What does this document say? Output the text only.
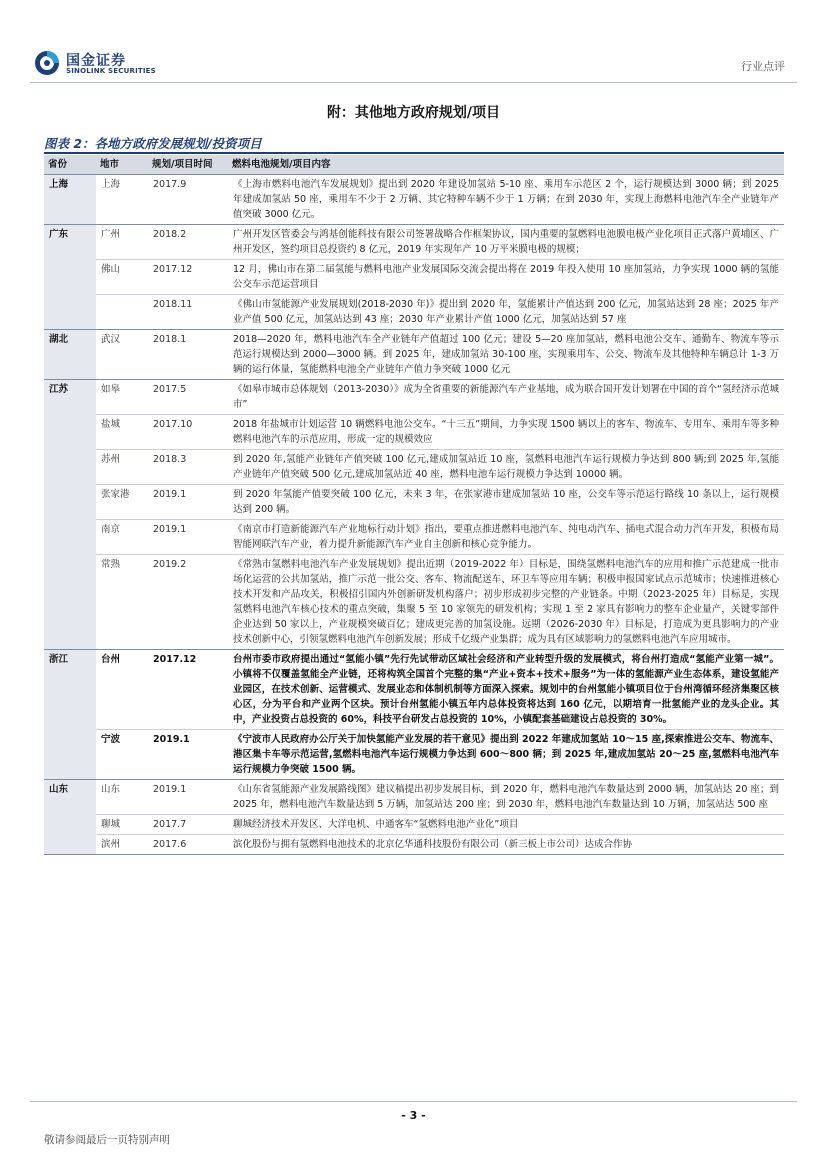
国金证券
SINOLINK SECURITIES	行业点评
附：其他地方政府规划/项目
图表 2：各地方政府发展规划/投资项目
省份	地市	规划/项目时间	燃料电池规划/项目内容
上海	上海	2017.9	《上海市燃料电池汽车发展规划》提出到 2020 年建设加氢站 5-10 座、乘用车示范区 2 个，运行规模达到 3000 辆；到 2025 年建成加氢站 50 座，乘用车不少于 2 万辆、其它特种车辆不少于 1 万辆；在到 2030 年，实现上海燃料电池汽车全产业链年产值突破 3000 亿元。
广东	广州	2018.2	广州开发区管委会与鸿基创能科技有限公司签署战略合作框架协议，国内重要的氢燃料电池膜电极产业化项目正式落户黄埔区、广州开发区，签约项目总投资约 8 亿元，2019 年实现年产 10 万平米膜电极的规模；
	佛山	2017.12	12 月，佛山市在第二届氢能与燃料电池产业发展国际交流会提出将在 2019 年投入使用 10 座加氢站，力争实现 1000 辆的氢能公交车示范运营项目
		2018.11	《佛山市氢能源产业发展规划(2018-2030 年)》提出到 2020 年，氢能累计产值达到 200 亿元，加氢站达到 28 座；2025 年产业产值 500 亿元，加氢站达到 43 座；2030 年产业累计产值 1000 亿元，加氢站达到 57 座
湖北	武汉	2018.1	2018—2020 年，燃料电池汽车全产业链年产值超过 100 亿元；建设 5—20 座加氢站，燃料电池公交车、通勤车、物流车等示范运行规模达到 2000—3000 辆。到 2025 年，建成加氢站 30-100 座，实现乘用车、公交、物流车及其他特种车辆总计 1-3 万辆的运行体量，氢能燃料电池全产业链年产值力争突破 1000 亿元
江苏	如皋	2017.5	《如皋市城市总体规划（2013-2030）》成为全省重要的新能源汽车产业基地，成为联合国开发计划署在中国的首个“氢经济示范城市”
	盐城	2017.10	2018 年盐城市计划运营 10 辆燃料电池公交车。“十三五”期间，力争实现 1500 辆以上的客车、物流车、专用车、乘用车等多种燃料电池汽车的示范应用，形成一定的规模效应
	苏州	2018.3	到 2020 年,氢能产业链年产值突破 100 亿元,建成加氢站近 10 座，氢燃料电池汽车运行规模力争达到 800 辆;到 2025 年,氢能产业链年产值突破 500 亿元,建成加氢站近 40 座，燃料电池车运行规模力争达到 10000 辆。
	张家港	2019.1	到 2020 年氢能产值要突破 100 亿元，未来 3 年，在张家港市建成加氢站 10 座，公交车等示范运行路线 10 条以上，运行规模达到 200 辆。
	南京	2019.1	《南京市打造新能源汽车产业地标行动计划》指出，要重点推进燃料电池汽车、纯电动汽车、插电式混合动力汽车开发，积极布局智能网联汽车产业，着力提升新能源汽车产业自主创新和核心竞争能力。
	常熟	2019.2	《常熟市氢燃料电池汽车产业发展规划》提出近期（2019-2022 年）目标是，围绕氢燃料电池汽车的应用和推广示范建成一批市场化运营的公共加氢站，推广示范一批公交、客车、物流配送车、环卫车等应用车辆；积极申报国家试点示范城市；快速推进核心技术开发和产品攻关，积极招引国内外创新研发机构落户；初步形成初步完整的产业链条。中期（2023-2025 年）目标是，实现氢燃料电池汽车核心技术的重点突破，集聚 5 至 10 家领先的研发机构；实现 1 至 2 家具有影响力的整车企业量产，关键零部件企业达到 50 家以上，产业规模突破百亿；建成更完善的加氢设施。远期（2026-2030 年）目标是，打造成为更具影响力的产业技术创新中心，引领氢燃料电池汽车创新发展；形成千亿级产业集群；成为具有区域影响力的氢燃料电池汽车应用城市。
浙江	台州	2017.12	台州市委市政府提出通过“氢能小镇”先行先试带动区域社会经济和产业转型升级的发展模式，将台州打造成“氢能产业第一城”。小镇将不仅覆盖氢能全产业链，还将构筑全国首个完整的集“产业+资本+技术+服务”为一体的氢能源产业生态体系，建设氢能产业园区，在技术创新、运营模式、发展业态和体制机制等方面深入探索。规划中的台州氢能小镇项目位于台州湾循环经济集聚区核心区，分为平台和产业两个区块。预计台州氢能小镇五年内总体投资将达到 160 亿元，以期培育一批氢能产业的龙头企业。其中，产业投资占总投资的 60%，科技平台研发占总投资的 10%，小镇配套基础建设占总投资的 30%。
	宁波	2019.1	《宁波市人民政府办公厅关于加快氢能产业发展的若干意见》提出到 2022 年建成加氢站 10～15 座,探索推进公交车、物流车、港区集卡车等示范运营,氢燃料电池汽车运行规模力争达到 600～800 辆；到 2025 年,建成加氢站 20～25 座,氢燃料电池汽车运行规模力争突破 1500 辆。
山东	山东	2019.1	《山东省氢能源产业发展路线图》建议稿提出初步发展目标，到 2020 年，燃料电池汽车数量达到 2000 辆，加氢站达 20 座；到 2025 年，燃料电池汽车数量达到 5 万辆，加氢站达 200 座；到 2030 年，燃料电池汽车数量达到 10 万辆，加氢站达 500 座
	聊城	2017.7	聊城经济技术开发区、大洋电机、中通客车“氢燃料电池产业化”项目
	滨州	2017.6	滨化股份与拥有氢燃料电池技术的北京亿华通科技股份有限公司（新三板上市公司）达成合作协
- 3 -
敬请参阅最后一页特别声明
